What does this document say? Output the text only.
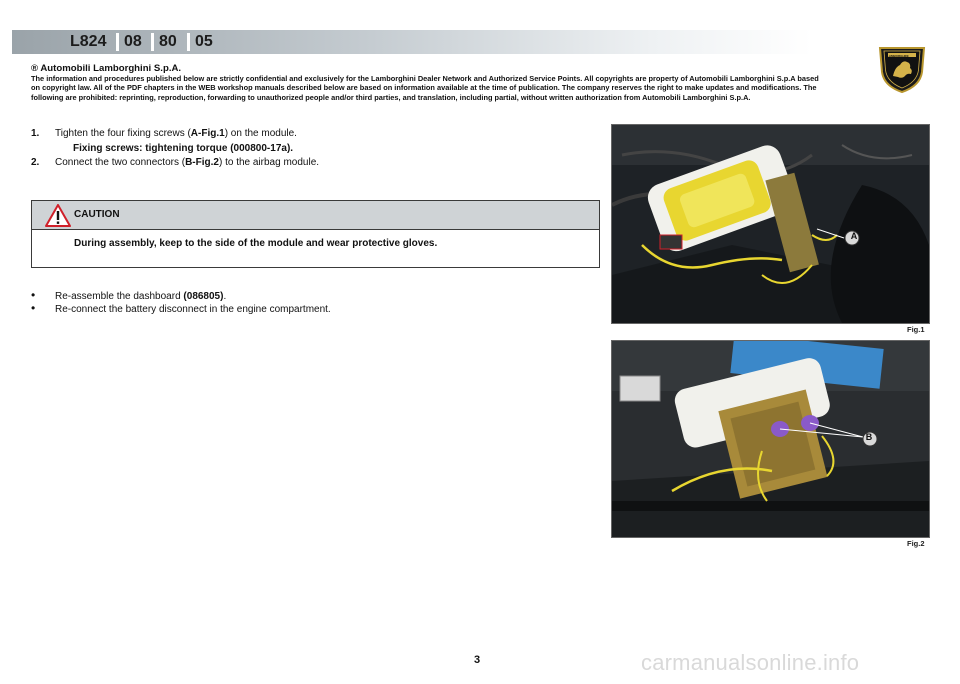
L824 08 80 05
LAMBORGHINI
® Automobili Lamborghini S.p.A.
The information and procedures published below are strictly confidential and exclusively for the Lamborghini Dealer Network and Authorized Service Points. All copyrights are property of Automobili Lamborghini S.p.A based on copyright law. All of the PDF chapters in the WEB workshop manuals described below are based on information available at the time of publication. The company reserves the right to make updates and modifications. The following are prohibited: reprinting, reproduction, forwarding to unauthorized people and/or third parties, and translation, including partial, without written authorization from Automobili Lamborghini S.p.A.
1. Tighten the four fixing screws (A-Fig.1) on the module.
Fixing screws: tightening torque (000800-17a).
2. Connect the two connectors (B-Fig.2) to the airbag module.
CAUTION
During assembly, keep to the side of the module and wear protective gloves.
• Re-assemble the dashboard (086805).
• Re-connect the battery disconnect in the engine compartment.
A
Fig.1
B
Fig.2
3	carmanualsonline.info
